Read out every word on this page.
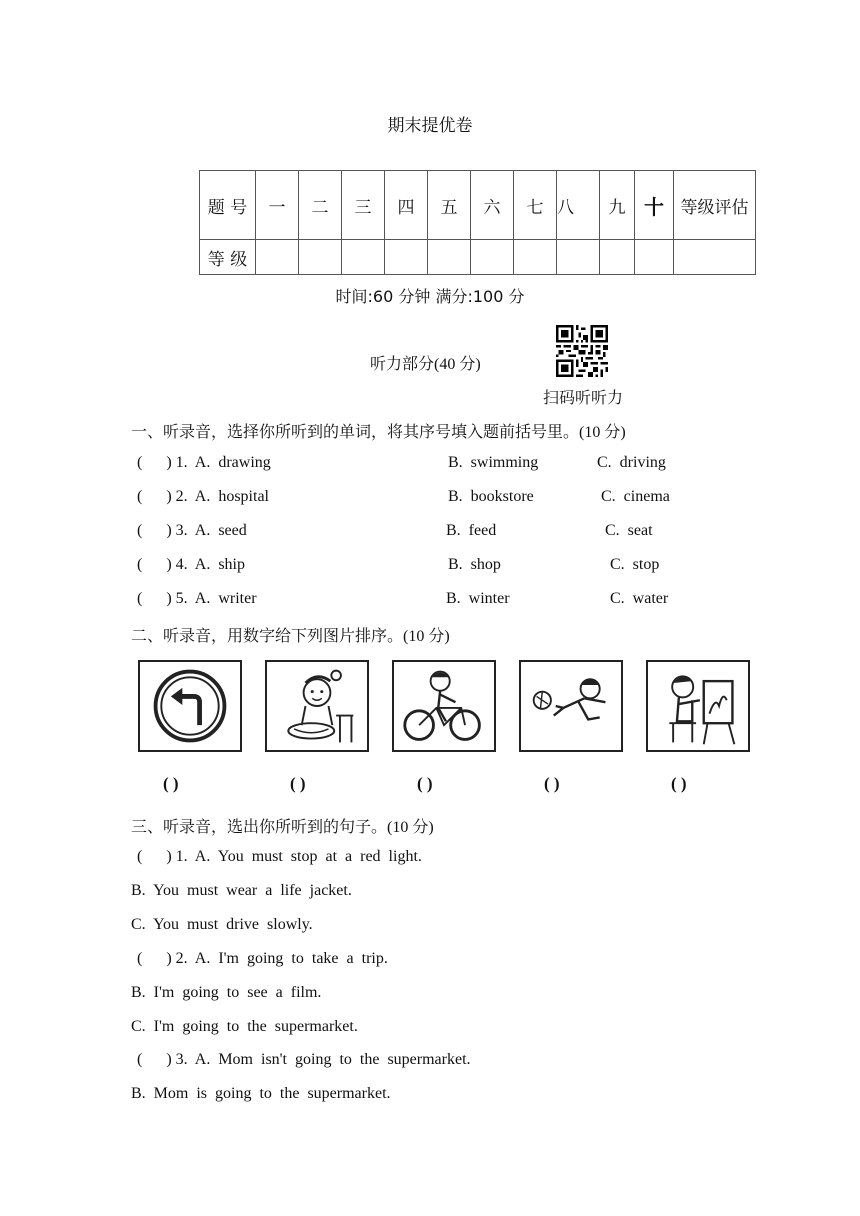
期末提优卷
题 号	一	二	三	四	五	六	七	八	九	十	等级评估
等 级											
时间:60 分钟 满分:100 分
听力部分(40 分)
扫码听听力
一、听录音，选择你所听到的单词，将其序号填入题前括号里。(10 分)
(      ) 1.  A.  drawing	B.  swimming	C.  driving
(      ) 2.  A.  hospital	B.  bookstore	C.  cinema
(      ) 3.  A.  seed	B.  feed	C.  seat
(      ) 4.  A.  ship	B.  shop	C.  stop
(      ) 5.  A.  writer	B.  winter	C.  water
二、听录音，用数字给下列图片排序。(10 分)
( )	( )	( )	( )	( )
三、听录音，选出你所听到的句子。(10 分)
(      ) 1.  A.  You  must  stop  at  a  red  light.
B.  You  must  wear  a  life  jacket.
C.  You  must  drive  slowly.
(      ) 2.  A.  I'm  going  to  take  a  trip.
B.  I'm  going  to  see  a  film.
C.  I'm  going  to  the  supermarket.
(      ) 3.  A.  Mom  isn't  going  to  the  supermarket.
B.  Mom  is  going  to  the  supermarket.
